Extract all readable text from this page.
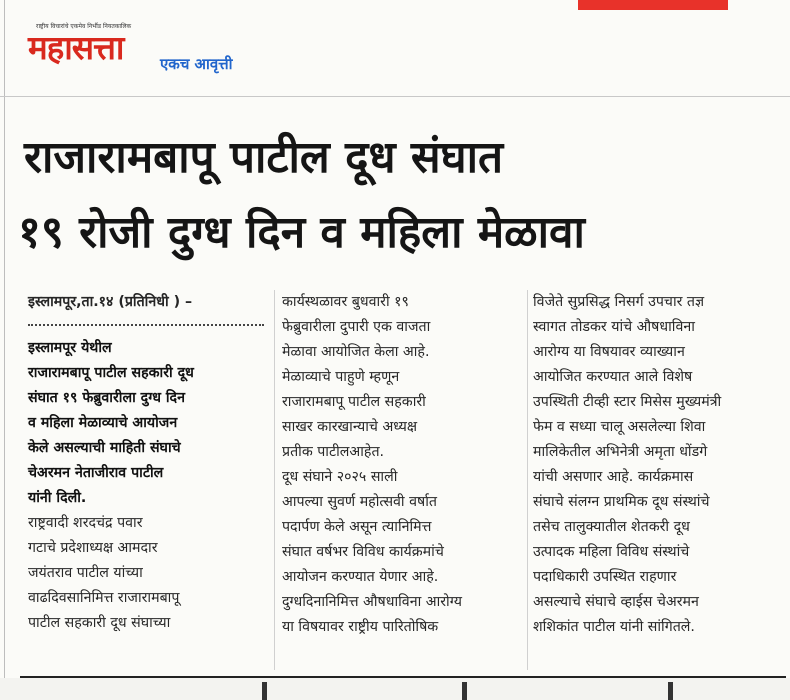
राष्ट्रीय विचारांचे एकमेव निर्भीड नियतकालिक
महासत्ता एकच आवृत्ती
राजारामबापू पाटील दूध संघात
१९ रोजी दुग्ध दिन व महिला मेळावा

इस्लामपूर,ता.१४ (प्रतिनिधी ) –

इस्लामपूर येथील

राजारामबापू पाटील सहकारी दूध

संघात १९ फेब्रुवारीला दुग्ध दिन

व महिला मेळाव्याचे आयोजन

केले असल्याची माहिती संघाचे

चेअरमन नेताजीराव पाटील

यांनी दिली.

राष्ट्रवादी शरदचंद्र पवार

गटाचे प्रदेशाध्यक्ष आमदार

जयंतराव पाटील यांच्या

वाढदिवसानिमित्त राजारामबापू

पाटील सहकारी दूध संघाच्या

कार्यस्थळावर बुधवारी १९

फेब्रुवारीला दुपारी एक वाजता

मेळावा आयोजित केला आहे.

मेळाव्याचे पाहुणे म्हणून

राजारामबापू पाटील सहकारी

साखर कारखान्याचे अध्यक्ष

प्रतीक पाटीलआहेत.

दूध संघाने २०२५ साली

आपल्या सुवर्ण महोत्सवी वर्षात

पदार्पण केले असून त्यानिमित्त

संघात वर्षभर विविध कार्यक्रमांचे

आयोजन करण्यात येणार आहे.

दुग्धदिनानिमित्त औषधाविना आरोग्य

या विषयावर राष्ट्रीय पारितोषिक

विजेते सुप्रसिद्ध निसर्ग उपचार तज्ञ

स्वागत तोडकर यांचे औषधाविना

आरोग्य या विषयावर व्याख्यान

आयोजित करण्यात आले विशेष

उपस्थिती टीव्ही स्टार मिसेस मुख्यमंत्री

फेम व सध्या चालू असलेल्या शिवा

मालिकेतील अभिनेत्री अमृता धोंडगे

यांची असणार आहे. कार्यक्रमास

संघाचे संलग्न प्राथमिक दूध संस्थांचे

तसेच तालुक्यातील शेतकरी दूध

उत्पादक महिला विविध संस्थांचे

पदाधिकारी उपस्थित राहणार

असल्याचे संघाचे व्हाईस चेअरमन

शशिकांत पाटील यांनी सांगितले.
